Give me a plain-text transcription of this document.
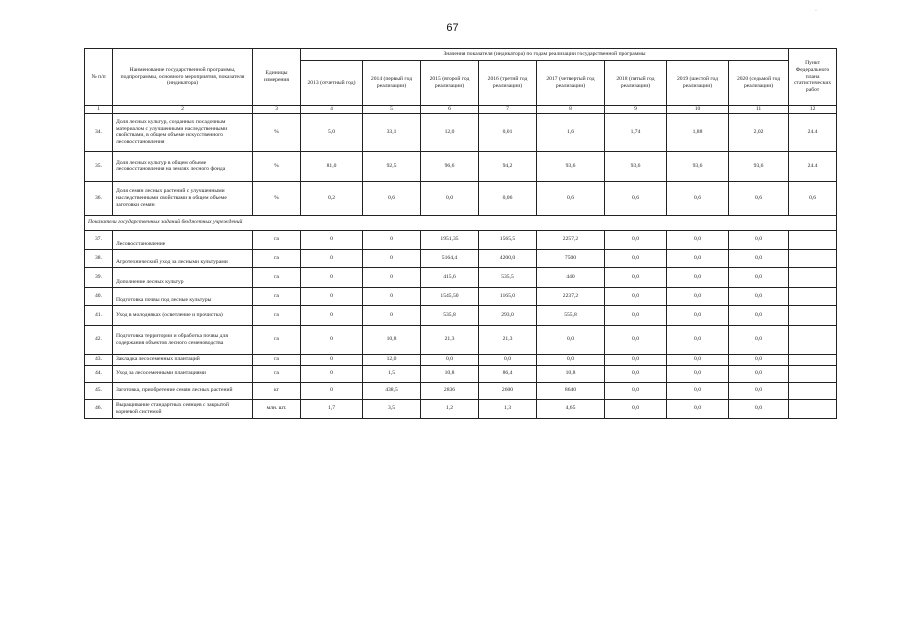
67
·
№ п/п	Наименование государственной программы, подпрограммы, основного мероприятия, показателя (индикатора)	Единицы измерения	Значения показателя (индикатора) по годам реализации государственной программы								Пункт Федерального плана статистических работ
			2013 (отчетный год)	2014 (первый год реализации)	2015 (второй год реализации)	2016 (третий год реализации)	2017 (четвертый год реализации)	2018 (пятый год реализации)	2019 (шестой год реализации)	2020 (седьмой год реализации)	
1	2	3	4	5	6	7	8	9	10	11	12
34.	Доля лесных культур, созданных посадочным материалом с улучшенными наследственными свойствами, в общем объеме искусственного лесовосстановления	%	5,0	33,1	12,0	0,01	1,6	1,74	1,88	2,02	24.4
35.	Доля лесных культур в общем объеме лесовосстановления на землях лесного фонда	%	81,0	92,5	96,6	94,2	93,6	93,6	93,6	93,6	24.4
36.	Доля семян лесных растений с улучшенными наследственными свойствами в общем объеме заготовки семян	%	0,2	0,6	0,0	0,06	0,6	0,6	0,6	0,6	0,6
Показатели государственных заданий бюджетных учреждений											
37.	Лесовосстановление	га	0	0	1951,35	1565,5	2257,2	0,0	0,0	0,0	
38.	Агротехнический уход за лесными культурами	га	0	0	5164,4	4200,0	7500	0,0	0,0	0,0	
39.	Дополнение лесных культур	га	0	0	415,6	535,5	440	0,0	0,0	0,0	
40.	Подготовка почвы под лесные культуры	га	0	0	1545,50	1165,0	2237,2	0,0	0,0	0,0	
41.	Уход в молодняках (осветление и прочистка)	га	0	0	535,8	293,0	555,8	0,0	0,0	0,0	
42.	Подготовка территории и обработка почвы для содержания объектов лесного семеноводства	га	0	10,8	21,3	21,3	0,0	0,0	0,0	0,0	
43.	Закладка лесосеменных плантаций	га	0	12,0	0,0	0,0	0,0	0,0	0,0	0,0	
44.	Уход за лесосеменными плантациями	га	0	1,5	10,8	86,4	10,8	0,0	0,0	0,0	
45.	Заготовка, приобретение семян лесных растений	кг	0	438,5	2836	2600	8640	0,0	0,0	0,0	
46.	Выращивание стандартных сеянцев с закрытой корневой системой	млн. шт.	1,7	3,5	1,2	1,3	4,65	0,0	0,0	0,0	
